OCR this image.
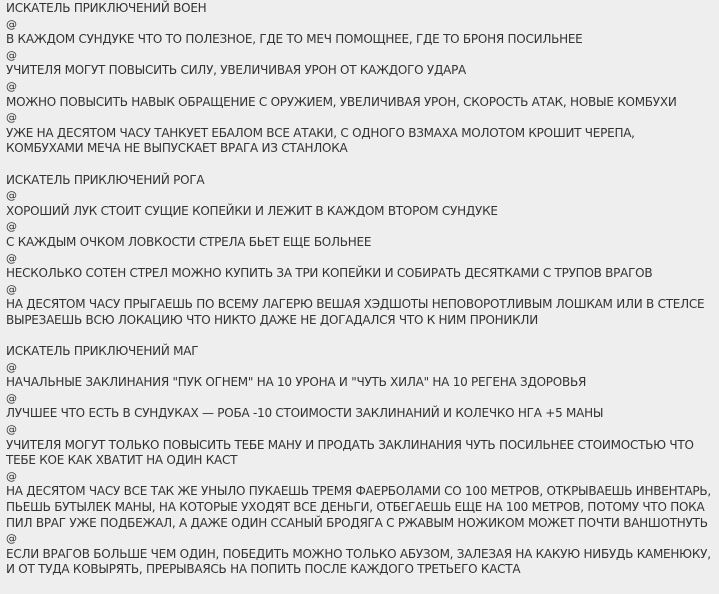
ИСКАТЕЛЬ ПРИКЛЮЧЕНИЙ ВОЕН
@
В КАЖДОМ СУНДУКЕ ЧТО ТО ПОЛЕЗНОЕ, ГДЕ ТО МЕЧ ПОМОЩНЕЕ, ГДЕ ТО БРОНЯ ПОСИЛЬНЕЕ
@
УЧИТЕЛЯ МОГУТ ПОВЫСИТЬ СИЛУ, УВЕЛИЧИВАЯ УРОН ОТ КАЖДОГО УДАРА
@
МОЖНО ПОВЫСИТЬ НАВЫК ОБРАЩЕНИЕ С ОРУЖИЕМ, УВЕЛИЧИВАЯ УРОН, СКОРОСТЬ АТАК, НОВЫЕ КОМБУХИ
@
УЖЕ НА ДЕСЯТОМ ЧАСУ ТАНКУЕТ ЕБАЛОМ ВСЕ АТАКИ, С ОДНОГО ВЗМАХА МОЛОТОМ КРОШИТ ЧЕРЕПА, КОМБУХАМИ МЕЧА НЕ ВЫПУСКАЕТ ВРАГА ИЗ СТАНЛОКА
ИСКАТЕЛЬ ПРИКЛЮЧЕНИЙ РОГА
@
ХОРОШИЙ ЛУК СТОИТ СУЩИЕ КОПЕЙКИ И ЛЕЖИТ В КАЖДОМ ВТОРОМ СУНДУКЕ
@
С КАЖДЫМ ОЧКОМ ЛОВКОСТИ СТРЕЛА БЬЕТ ЕЩЕ БОЛЬНЕЕ
@
НЕСКОЛЬКО СОТЕН СТРЕЛ МОЖНО КУПИТЬ ЗА ТРИ КОПЕЙКИ И СОБИРАТЬ ДЕСЯТКАМИ С ТРУПОВ ВРАГОВ
@
НА ДЕСЯТОМ ЧАСУ ПРЫГАЕШЬ ПО ВСЕМУ ЛАГЕРЮ ВЕШАЯ ХЭДШОТЫ НЕПОВОРОТЛИВЫМ ЛОШКАМ ИЛИ В СТЕЛСЕ ВЫРЕЗАЕШЬ ВСЮ ЛОКАЦИЮ ЧТО НИКТО ДАЖЕ НЕ ДОГАДАЛСЯ ЧТО К НИМ ПРОНИКЛИ
ИСКАТЕЛЬ ПРИКЛЮЧЕНИЙ МАГ
@
НАЧАЛЬНЫЕ ЗАКЛИНАНИЯ "ПУК ОГНЕМ" НА 10 УРОНА И "ЧУТЬ ХИЛА" НА 10 РЕГЕНА ЗДОРОВЬЯ
@
ЛУЧШЕЕ ЧТО ЕСТЬ В СУНДУКАХ — РОБА -10 СТОИМОСТИ ЗАКЛИНАНИЙ И КОЛЕЧКО НГА +5 МАНЫ
@
УЧИТЕЛЯ МОГУТ ТОЛЬКО ПОВЫСИТЬ ТЕБЕ МАНУ И ПРОДАТЬ ЗАКЛИНАНИЯ ЧУТЬ ПОСИЛЬНЕЕ СТОИМОСТЬЮ ЧТО ТЕБЕ КОЕ КАК ХВАТИТ НА ОДИН КАСТ
@
НА ДЕСЯТОМ ЧАСУ ВСЕ ТАК ЖЕ УНЫЛО ПУКАЕШЬ ТРЕМЯ ФАЕРБОЛАМИ СО 100 МЕТРОВ, ОТКРЫВАЕШЬ ИНВЕНТАРЬ, ПЬЕШЬ БУТЫЛЕК МАНЫ, НА КОТОРЫЕ УХОДЯТ ВСЕ ДЕНЬГИ, ОТБЕГАЕШЬ ЕЩЕ НА 100 МЕТРОВ, ПОТОМУ ЧТО ПОКА ПИЛ ВРАГ УЖЕ ПОДБЕЖАЛ, А ДАЖЕ ОДИН ССАНЫЙ БРОДЯГА С РЖАВЫМ НОЖИКОМ МОЖЕТ ПОЧТИ ВАНШОТНУТЬ
@
ЕСЛИ ВРАГОВ БОЛЬШЕ ЧЕМ ОДИН, ПОБЕДИТЬ МОЖНО ТОЛЬКО АБУЗОМ, ЗАЛЕЗАЯ НА КАКУЮ НИБУДЬ КАМЕНЮКУ, И ОТ ТУДА КОВЫРЯТЬ, ПРЕРЫВАЯСЬ НА ПОПИТЬ ПОСЛЕ КАЖДОГО ТРЕТЬЕГО КАСТА
